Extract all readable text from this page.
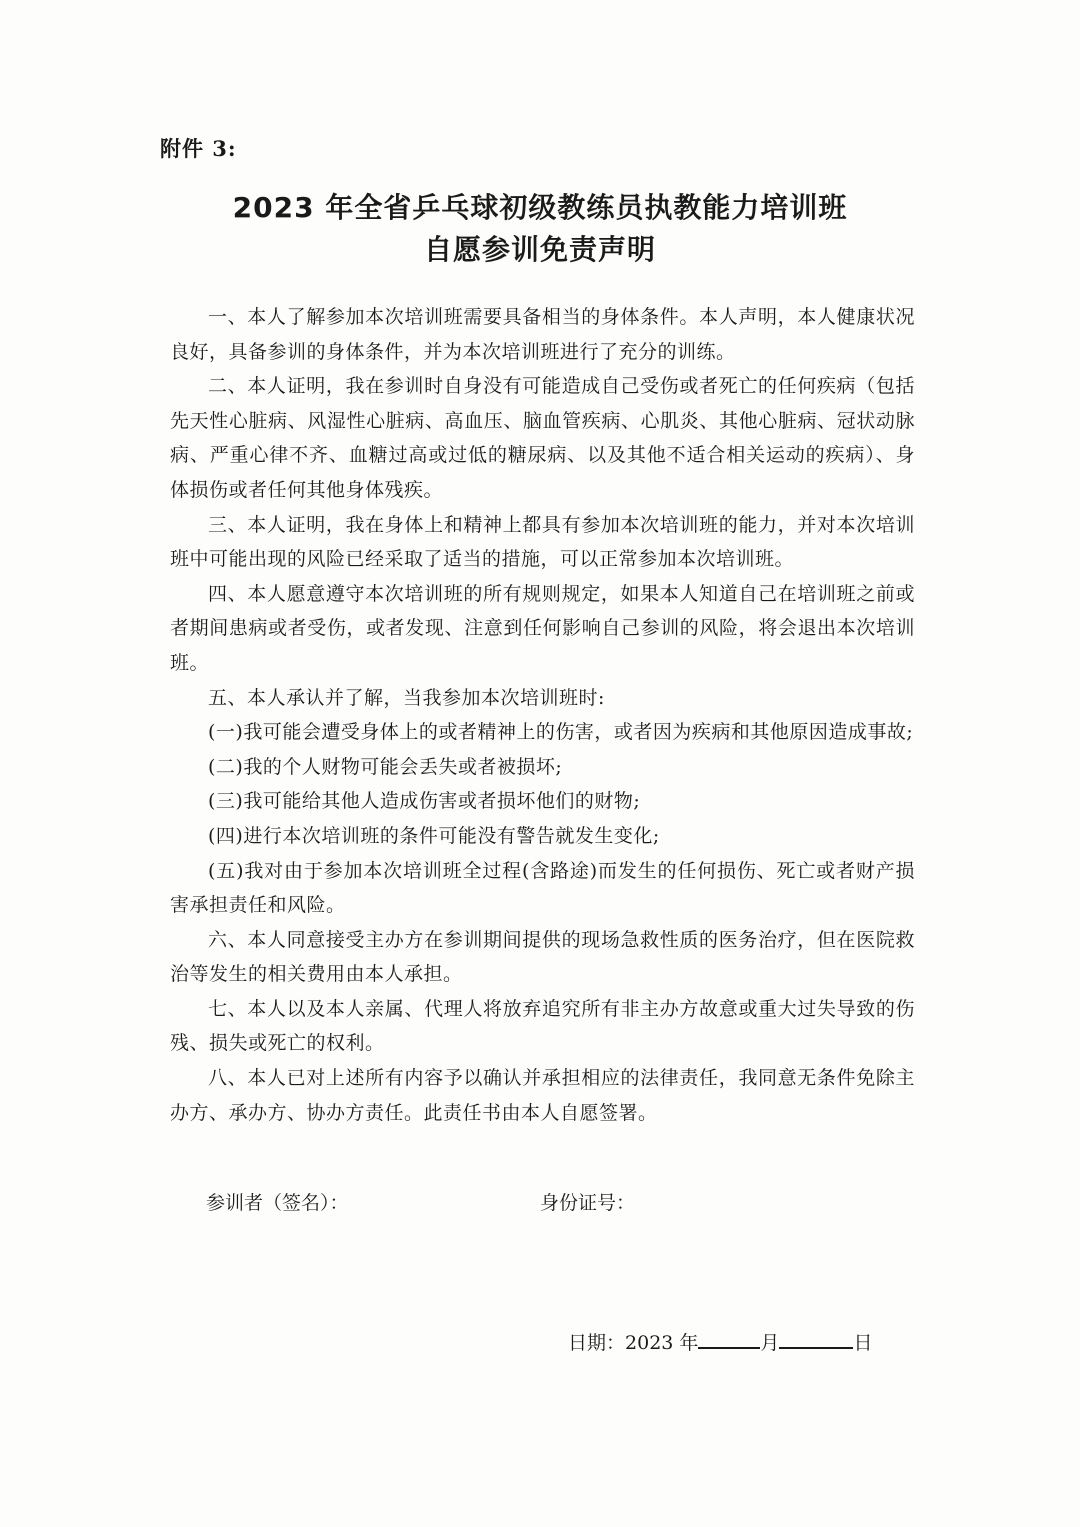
附件 3:
2023 年全省乒乓球初级教练员执教能力培训班
自愿参训免责声明

一、本人了解参加本次培训班需要具备相当的身体条件。本人声明，本人健康状况良好，具备参训的身体条件，并为本次培训班进行了充分的训练。

二、本人证明，我在参训时自身没有可能造成自己受伤或者死亡的任何疾病（包括先天性心脏病、风湿性心脏病、高血压、脑血管疾病、心肌炎、其他心脏病、冠状动脉病、严重心律不齐、血糖过高或过低的糖尿病、以及其他不适合相关运动的疾病）、身体损伤或者任何其他身体残疾。

三、本人证明，我在身体上和精神上都具有参加本次培训班的能力，并对本次培训班中可能出现的风险已经采取了适当的措施，可以正常参加本次培训班。

四、本人愿意遵守本次培训班的所有规则规定，如果本人知道自己在培训班之前或者期间患病或者受伤，或者发现、注意到任何影响自己参训的风险，将会退出本次培训班。

五、本人承认并了解，当我参加本次培训班时:

(一)我可能会遭受身体上的或者精神上的伤害，或者因为疾病和其他原因造成事故;

(二)我的个人财物可能会丢失或者被损坏;

(三)我可能给其他人造成伤害或者损坏他们的财物;

(四)进行本次培训班的条件可能没有警告就发生变化;

(五)我对由于参加本次培训班全过程(含路途)而发生的任何损伤、死亡或者财产损害承担责任和风险。

六、本人同意接受主办方在参训期间提供的现场急救性质的医务治疗，但在医院救治等发生的相关费用由本人承担。

七、本人以及本人亲属、代理人将放弃追究所有非主办方故意或重大过失导致的伤残、损失或死亡的权利。

八、本人已对上述所有内容予以确认并承担相应的法律责任，我同意无条件免除主办方、承办方、协办方责任。此责任书由本人自愿签署。

参训者（签名）：	身份证号：
日期：2023 年	月	日
